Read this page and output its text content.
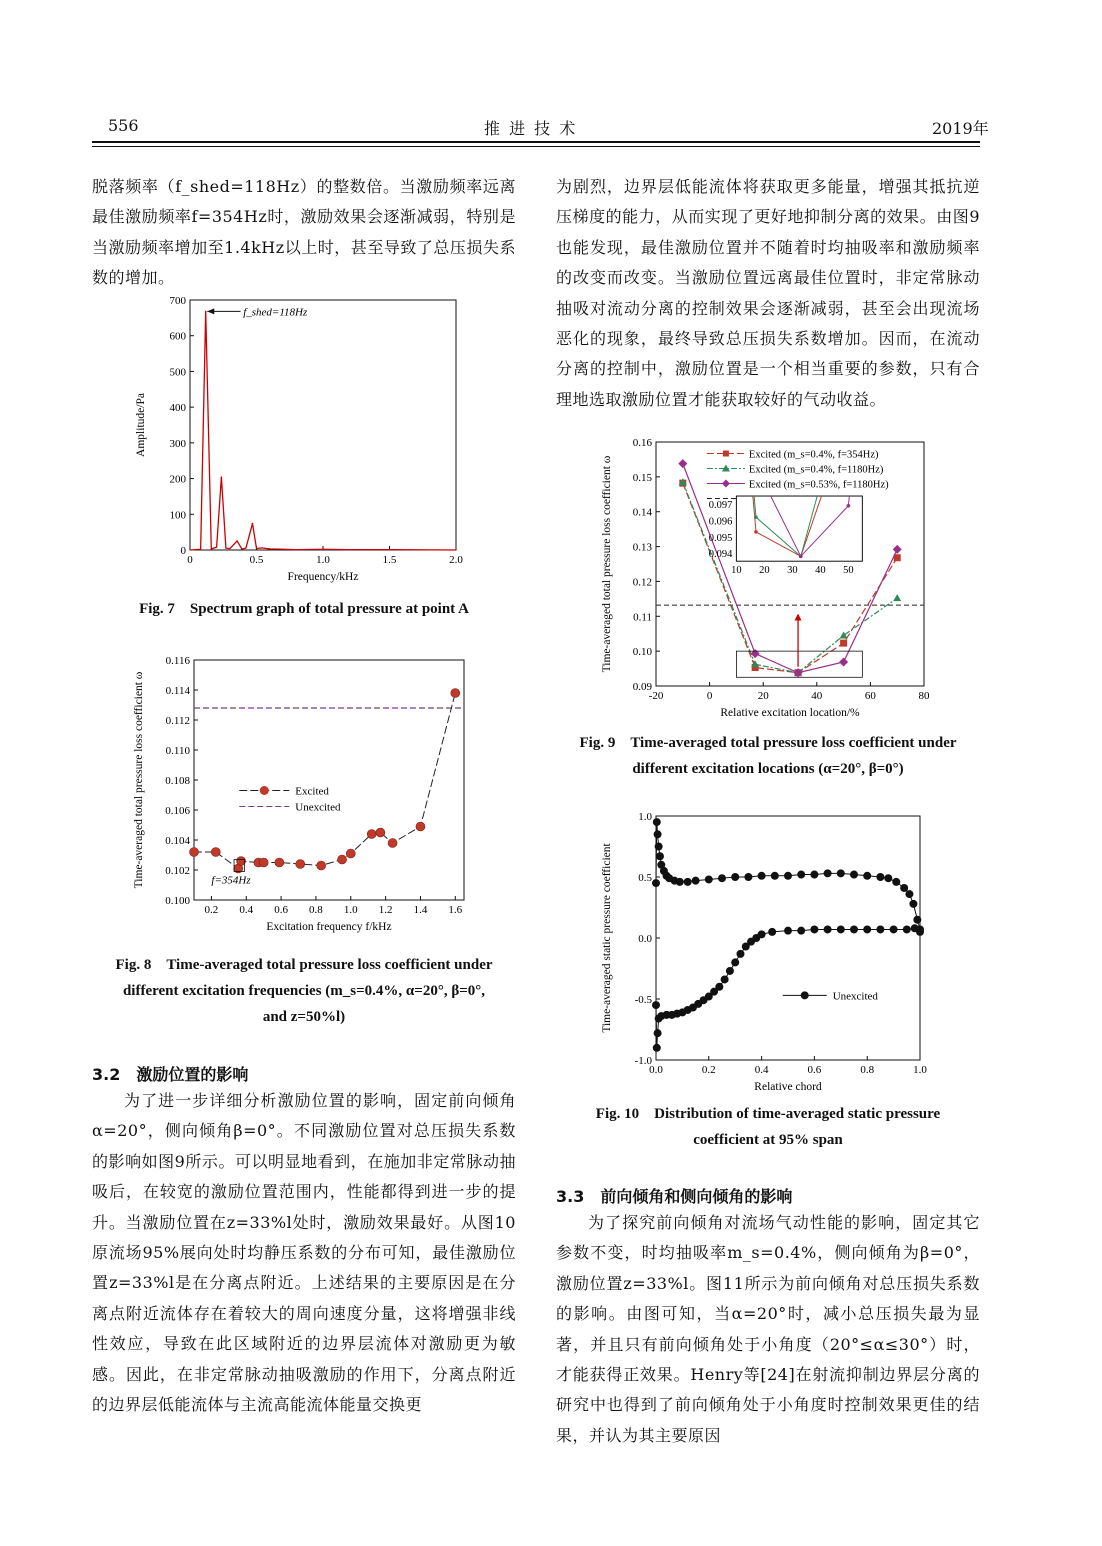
556	推 进 技 术	2019年

脱落频率（f_shed=118Hz）的整数倍。当激励频率远离最佳激励频率f=354Hz时，激励效果会逐渐减弱，特别是当激励频率增加至1.4kHz以上时，甚至导致了总压损失系数的增加。

为剧烈，边界层低能流体将获取更多能量，增强其抵抗逆压梯度的能力，从而实现了更好地抑制分离的效果。由图9也能发现，最佳激励位置并不随着时均抽吸率和激励频率的改变而改变。当激励位置远离最佳位置时，非定常脉动抽吸对流动分离的控制效果会逐渐减弱，甚至会出现流场恶化的现象，最终导致总压损失系数增加。因而，在流动分离的控制中，激励位置是一个相当重要的参数，只有合理地选取激励位置才能获取较好的气动收益。

0	0.5	1.0	1.5	2.0
0
100
200
300
400
500
600
700
Frequency/kHz
Amplitude/Pa
f_shed=118Hz
Fig. 7　Spectrum graph of total pressure at point A
0.2 0.4 0.6 0.8 1.0 1.2 1.4 1.6
0.100
0.102
0.104
0.106
0.108
0.110
0.112
0.114
0.116
Excitation frequency f/kHz
Time-averaged total pressure loss coefficient ω	Excited
Unexcited
f=354Hz
Fig. 8　Time-averaged total pressure loss coefficient under
different excitation frequencies (m_s=0.4%, α=20°, β=0°,
and z=50%l)
3.2　激励位置的影响

为了进一步详细分析激励位置的影响，固定前向倾角α=20°，侧向倾角β=0°。不同激励位置对总压损失系数的影响如图9所示。可以明显地看到，在施加非定常脉动抽吸后，在较宽的激励位置范围内，性能都得到进一步的提升。当激励位置在z=33%l处时，激励效果最好。从图10原流场95%展向处时均静压系数的分布可知，最佳激励位置z=33%l是在分离点附近。上述结果的主要原因是在分离点附近流体存在着较大的周向速度分量，这将增强非线性效应，导致在此区域附近的边界层流体对激励更为敏感。因此，在非定常脉动抽吸激励的作用下，分离点附近的边界层低能流体与主流高能流体能量交换更

-20	0	20	40	60	80
0.09
0.10
0.11
0.12
0.13
0.14
0.15
0.16
Relative excitation location/%
Time-averaged total pressure loss coefficient ω
Excited (m_s=0.4%, f=354Hz)
Excited (m_s=0.4%, f=1180Hz)
Excited (m_s=0.53%, f=1180Hz)
10 20 30 40 50
0.094
0.095
0.096
0.097
Fig. 9　Time-averaged total pressure loss coefficient under
different excitation locations (α=20°, β=0°)
0.0	0.2	0.4	0.6	0.8	1.0
-1.0
-0.5
0.0
0.5
1.0
Relative chord
Time-averaged static pressure coefficient	Unexcited
Fig. 10　Distribution of time-averaged static pressure
coefficient at 95% span
3.3　前向倾角和侧向倾角的影响

为了探究前向倾角对流场气动性能的影响，固定其它参数不变，时均抽吸率m_s=0.4%，侧向倾角为β=0°，激励位置z=33%l。图11所示为前向倾角对总压损失系数的影响。由图可知，当α=20°时，减小总压损失最为显著，并且只有前向倾角处于小角度（20°≤α≤30°）时，才能获得正效果。Henry等[24]在射流抑制边界层分离的研究中也得到了前向倾角处于小角度时控制效果更佳的结果，并认为其主要原因
